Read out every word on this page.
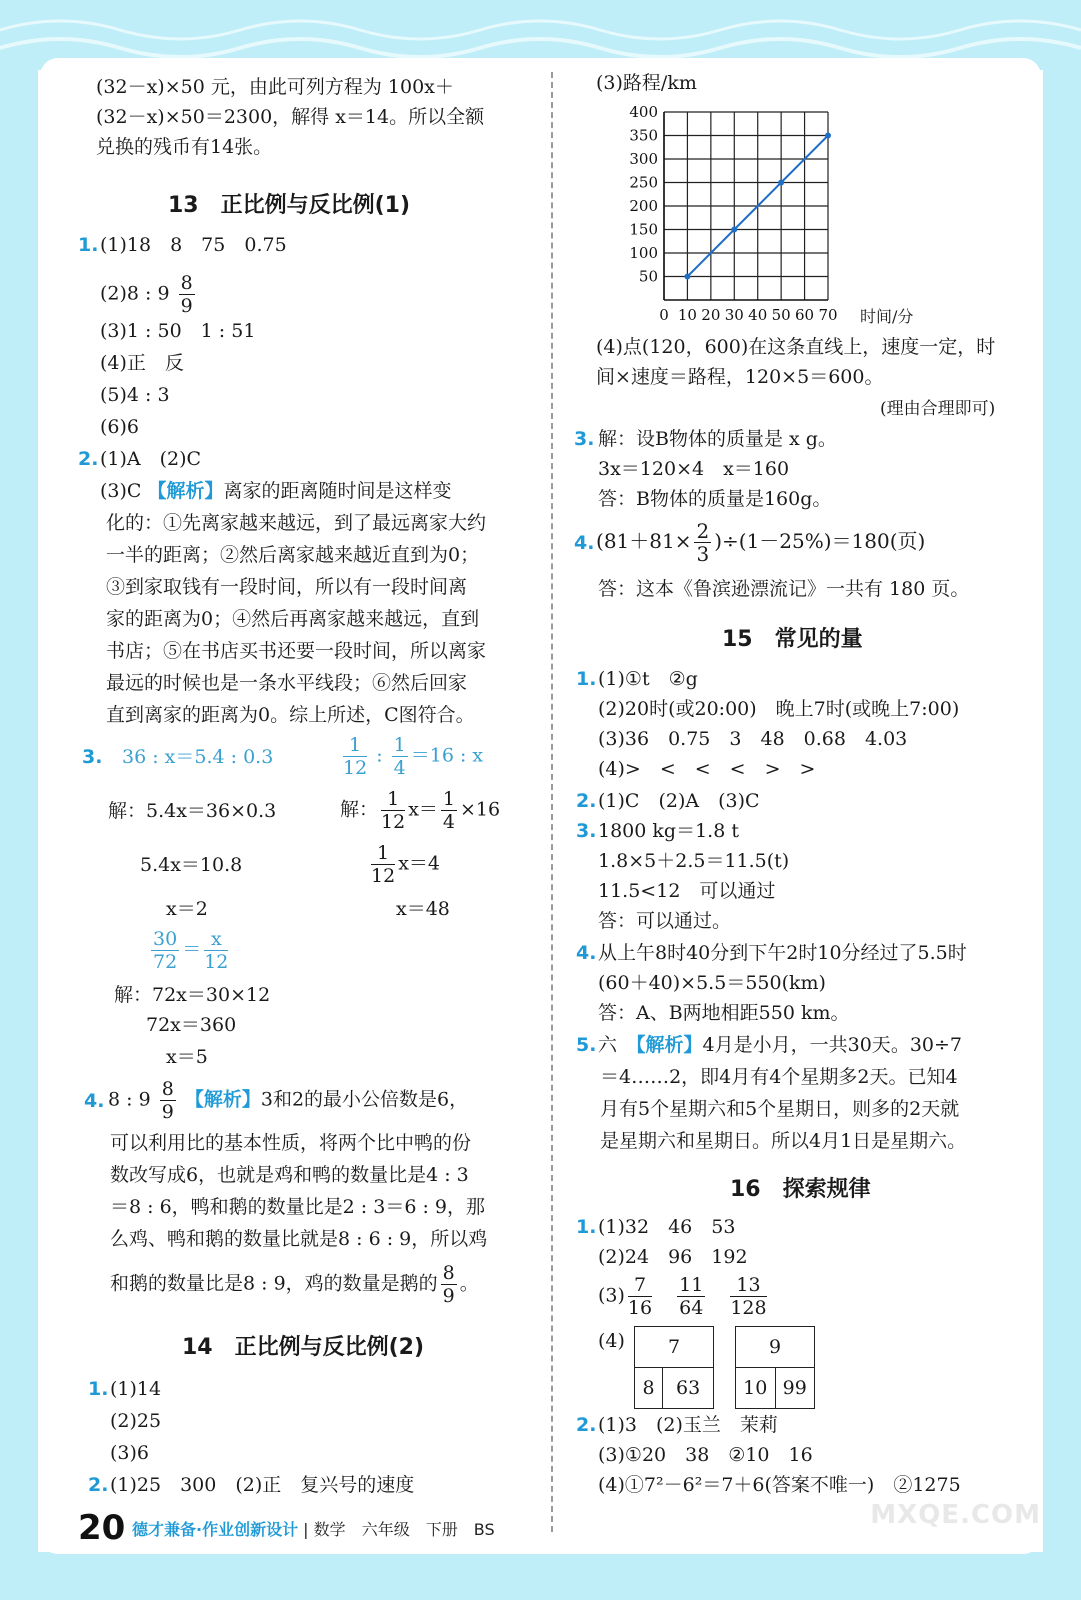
(32－x)×50 元，由此可列方程为 100x＋
(32－x)×50＝2300，解得 x＝14。所以全额
兑换的残币有14张。
13　正比例与反比例(1)
1. (1)18　8　75　0.75
(2)8 : $9 \frac{8}{9}$
(3)1 : 50　1 : 51
(4)正　反
(5)4 : 3
(6)6
2. (1)A　(2)C
(3)C 【解析】离家的距离随时间是这样变
化的：①先离家越来越远，到了最远离家大约
一半的距离；②然后离家越来越近直到为0；
③到家取钱有一段时间，所以有一段时间离
家的距离为0；④然后再离家越来越远，直到
书店；⑤在书店买书还要一段时间，所以离家
最远的时候也是一条水平线段；⑥然后回家
直到离家的距离为0。综上所述，C图符合。
3. 36 : x＝5.4 : 0.3	$\frac{1}{12}$ : $\frac{1}{4} =16$ : x
解：5.4x＝36×0.3
5.4x＝10.8
x＝2
解： $\frac{1}{12} x= \frac{1}{4} \times 16$
$\frac{1}{12} x=4$
x＝48
$\frac{30}{72} = \frac{x}{12}$
解：72x＝30×12
72x＝360
x＝5
4. 8 : $9 \frac{8}{9}$ 【解析】3和2的最小公倍数是6，
可以利用比的基本性质，将两个比中鸭的份
数改写成6，也就是鸡和鸭的数量比是4 : 3
＝8 : 6，鸭和鹅的数量比是2 : 3＝6 : 9，那
么鸡、鸭和鹅的数量比就是8 : 6 : 9，所以鸡
和鹅的数量比是8 : 9，鸡的数量是鹅的 $\frac{8}{9}$ 。
14　正比例与反比例(2)
1. (1)14
(2)25
(3)6
2. (1)25　300　(2)正　复兴号的速度
(3)路程/km
0 10 20 30 40 50 60 70
50
100
150
200
250
300
350
400
时间/分
(4)点(120，600)在这条直线上，速度一定，时
间×速度＝路程，120×5＝600。
(理由合理即可)
3. 解：设B物体的质量是 x g。
3x＝120×4　x＝160
答：B物体的质量是160g。
4. $(81+81\times \frac{2}{3} )\div(1-25\%)=180$(页)
答：这本《鲁滨逊漂流记》一共有 180 页。
15　常见的量
1. (1)①t　②g
(2)20时(或20:00)　晚上7时(或晚上7:00)
(3)36　0.75　3　48　0.68　4.03
(4)>　<　<　<　>　>
2. (1)C　(2)A　(3)C
3. 1800 kg＝1.8 t
1.8×5＋2.5＝11.5(t)
11.5<12　可以通过
答：可以通过。
4. 从上午8时40分到下午2时10分经过了5.5时
(60＋40)×5.5＝550(km)
答：A、B两地相距550 km。
5. 六　 【解析】4月是小月，一共30天。30÷7
＝4……2，即4月有4个星期多2天。已知4
月有5个星期六和5个星期日，则多的2天就
是星期六和星期日。所以4月1日是星期六。
16　探索规律
1. (1)32　46　53
(2)24　96　192
$(3) \frac{7}{16}$
　 $\frac{11}{64}$
　 $\frac{13}{128}$
(4) 7
8	63
9
10	99
2. (1)3　(2)玉兰　茉莉
(3)①20　38　②10　16
(4)①7²－6²＝7＋6(答案不唯一)　②1275
20 德才兼备·作业创新设计 | 数学　 六年级　 下册　 BS	MXQE.COM
